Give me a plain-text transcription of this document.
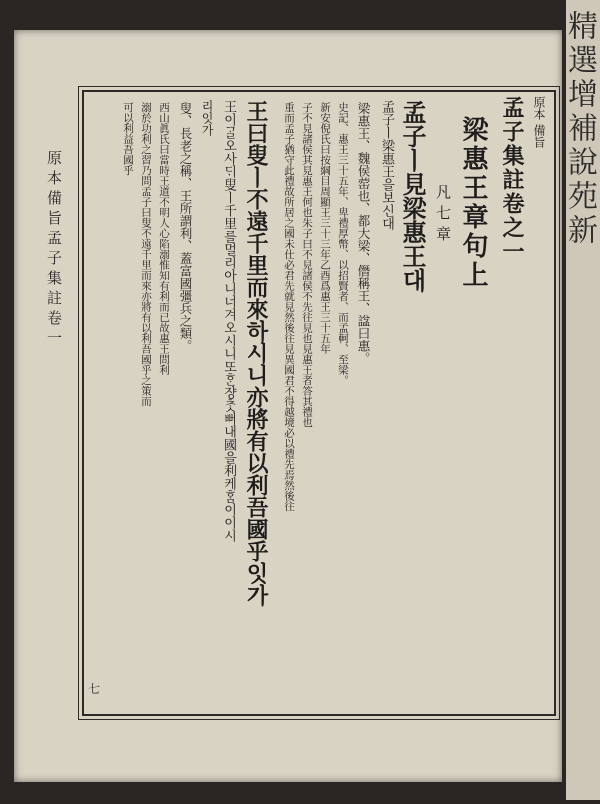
精選增補說苑新
原本備旨孟子集註卷一
七
原本 備旨
孟子集註卷之一
梁惠王章句上
凡七章
孟子ㅣ見梁惠王대
孟子ㅣ梁惠王을보신대
梁惠王、魏侯䓨也、都大梁、僭稱王、諡曰惠。
史記、惠王三十五年、卑禮厚幣、以招賢者、而孟軻、至梁。
新安倪氏曰按綱目周顯王三十三年乙酉爲惠王三十五年
子不見諸侯其見惠王何也朱子曰不見諸侯不先往見也見惠王者答其禮也
重而孟子猶守此禮故所居之國未仕必君先就見然後往見異國君不得越境必以禮先焉然後往
王曰叟ㅣ不遠千里而來하시니亦將有以利吾國乎잇가
王이ᄀᆞᆯ오사ᄃᆡ叟ㅣ千里를멀리아니너겨오시니또ᄒᆞᆫ쟝ᄎᆞᆺ뻐내國을利케ᄒᆞᆷ이이시
리잇가
叟、長老之稱、王所謂利、蓋富國彊兵之類。
西山眞氏曰當時王道不明人心陷溺惟知有利而已故惠王問利
溺於功利之習乃問孟子曰叟不遠千里而來亦將有以利吾國乎之策而
可以利益吾國乎
